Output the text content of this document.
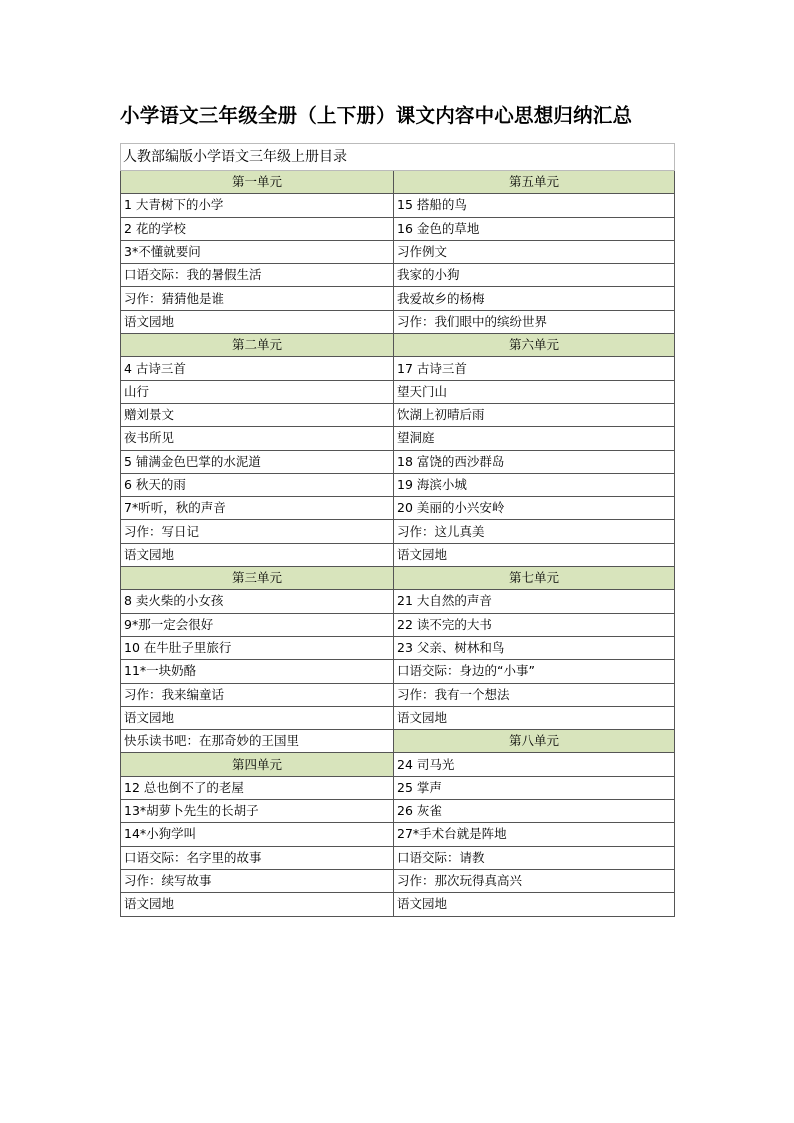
小学语文三年级全册（上下册）课文内容中心思想归纳汇总
人教部编版小学语文三年级上册目录	
第一单元	第五单元
1 大青树下的小学	15 搭船的鸟
2 花的学校	16 金色的草地
3*不懂就要问	习作例文
口语交际：我的暑假生活	我家的小狗
习作：猜猜他是谁	我爱故乡的杨梅
语文园地	习作：我们眼中的缤纷世界
第二单元	第六单元
4 古诗三首	17 古诗三首
山行	望天门山
赠刘景文	饮湖上初晴后雨
夜书所见	望洞庭
5 铺满金色巴掌的水泥道	18 富饶的西沙群岛
6 秋天的雨	19 海滨小城
7*听听，秋的声音	20 美丽的小兴安岭
习作：写日记	习作：这儿真美
语文园地	语文园地
第三单元	第七单元
8 卖火柴的小女孩	21 大自然的声音
9*那一定会很好	22 读不完的大书
10 在牛肚子里旅行	23 父亲、树林和鸟
11*一块奶酪	口语交际：身边的“小事”
习作：我来编童话	习作：我有一个想法
语文园地	语文园地
快乐读书吧：在那奇妙的王国里	第八单元
第四单元	24 司马光
12 总也倒不了的老屋	25 掌声
13*胡萝卜先生的长胡子	26 灰雀
14*小狗学叫	27*手术台就是阵地
口语交际：名字里的故事	口语交际：请教
习作：续写故事	习作：那次玩得真高兴
语文园地	语文园地
